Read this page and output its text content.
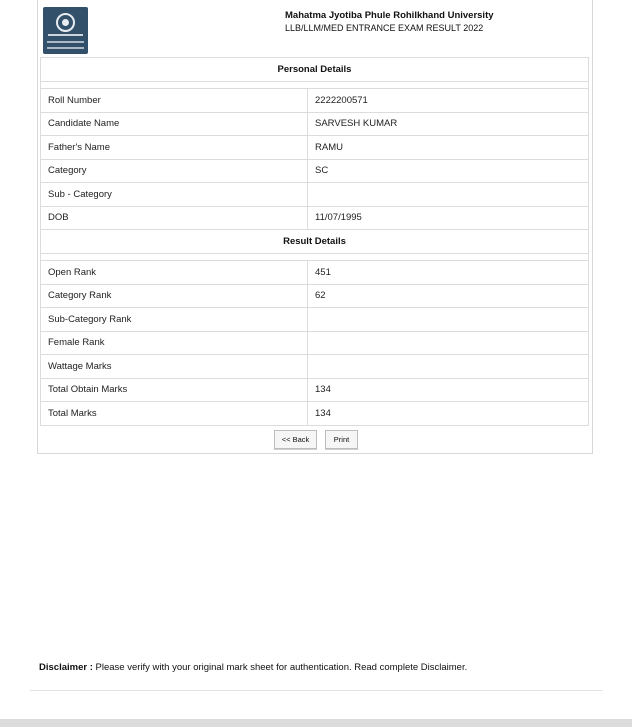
Mahatma Jyotiba Phule Rohilkhand University
LLB/LLM/MED ENTRANCE EXAM RESULT 2022
Personal Details	

Roll Number	2222200571
Candidate Name	SARVESH KUMAR
Father's Name	RAMU
Category	SC
Sub - Category	
DOB	11/07/1995
Result Details	

Open Rank	451
Category Rank	62
Sub-Category Rank	
Female Rank	
Wattage Marks	
Total Obtain Marks	134
Total Marks	134
<< Back	Print
Disclaimer : Please verify with your original mark sheet for authentication. Read complete Disclaimer.
